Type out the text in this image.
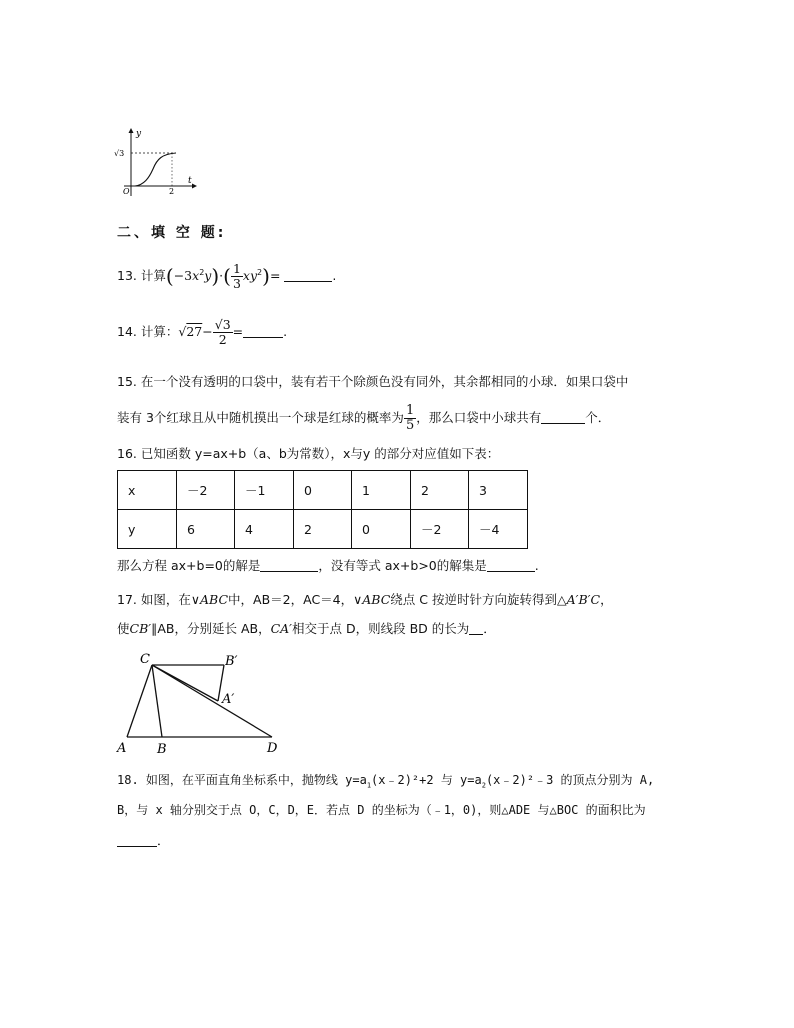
y
t
O
√3
2
二、填 空 题:
13. 计算$(-3x^2y)\cdot( \frac{1}{3} xy^2)=$	.
14. 计算：$√27- \frac{√3}{2}$ =	.
15. 在一个没有透明的口袋中，装有若干个除颜色没有同外，其余都相同的小球．如果口袋中
装有 3个红球且从中随机摸出一个球是红球的概率为 $\frac{1}{5}$ ，那么口袋中小球共有	个．
16. 已知函数 y=ax+b（a、b为常数），x与y 的部分对应值如下表：
x	－2	－1	0	1	2	3
y	6	4	2	0	－2	－4
那么方程 ax+b=0的解是	，没有等式 ax+b>0的解集是	.
17. 如图，在∨ABC中，AB＝2，AC＝4，∨ABC绕点 C 按逆时针方向旋转得到△A′B′C，
使CB′∥AB，分别延长 AB，CA′相交于点 D，则线段 BD 的长为 ．
C	B′
A′
A B	D
18. 如图，在平面直角坐标系中，抛物线 $y=a_1(x﹣2)^2+2$ 与 $y=a_2(x﹣2)^2﹣3$ 的顶点分别为 A,
B，与 x 轴分别交于点 O，C，D，E．若点 D 的坐标为（﹣1，0)，则△ADE 与△BOC 的面积比为
．
